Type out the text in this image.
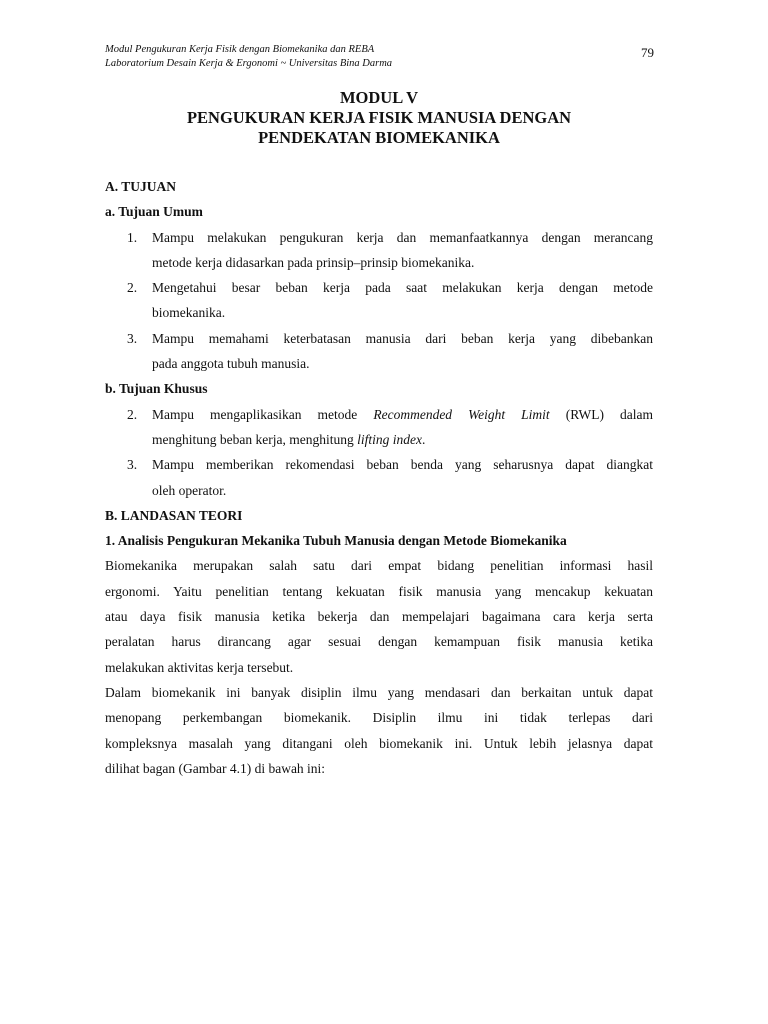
Modul Pengukuran Kerja Fisik dengan Biomekanika dan REBA
Laboratorium Desain Kerja & Ergonomi ~ Universitas Bina Darma
79
MODUL V
PENGUKURAN KERJA FISIK MANUSIA DENGAN
PENDEKATAN BIOMEKANIKA
A. TUJUAN
a. Tujuan Umum
1. Mampu melakukan pengukuran kerja dan memanfaatkannya dengan merancang
metode kerja didasarkan pada prinsip–prinsip biomekanika.
2. Mengetahui besar beban kerja pada saat melakukan kerja dengan metode
biomekanika.
3. Mampu memahami keterbatasan manusia dari beban kerja yang dibebankan
pada anggota tubuh manusia.
b. Tujuan Khusus
2. Mampu mengaplikasikan metode Recommended Weight Limit (RWL) dalam
menghitung beban kerja, menghitung lifting index.
3. Mampu memberikan rekomendasi beban benda yang seharusnya dapat diangkat
oleh operator.
B. LANDASAN TEORI
1. Analisis Pengukuran Mekanika Tubuh Manusia dengan Metode Biomekanika
Biomekanika merupakan salah satu dari empat bidang penelitian informasi hasil
ergonomi. Yaitu penelitian tentang kekuatan fisik manusia yang mencakup kekuatan
atau daya fisik manusia ketika bekerja dan mempelajari bagaimana cara kerja serta
peralatan harus dirancang agar sesuai dengan kemampuan fisik manusia ketika
melakukan aktivitas kerja tersebut.
Dalam biomekanik ini banyak disiplin ilmu yang mendasari dan berkaitan untuk dapat
menopang perkembangan biomekanik. Disiplin ilmu ini tidak terlepas dari
kompleksnya masalah yang ditangani oleh biomekanik ini. Untuk lebih jelasnya dapat
dilihat bagan (Gambar 4.1) di bawah ini:
